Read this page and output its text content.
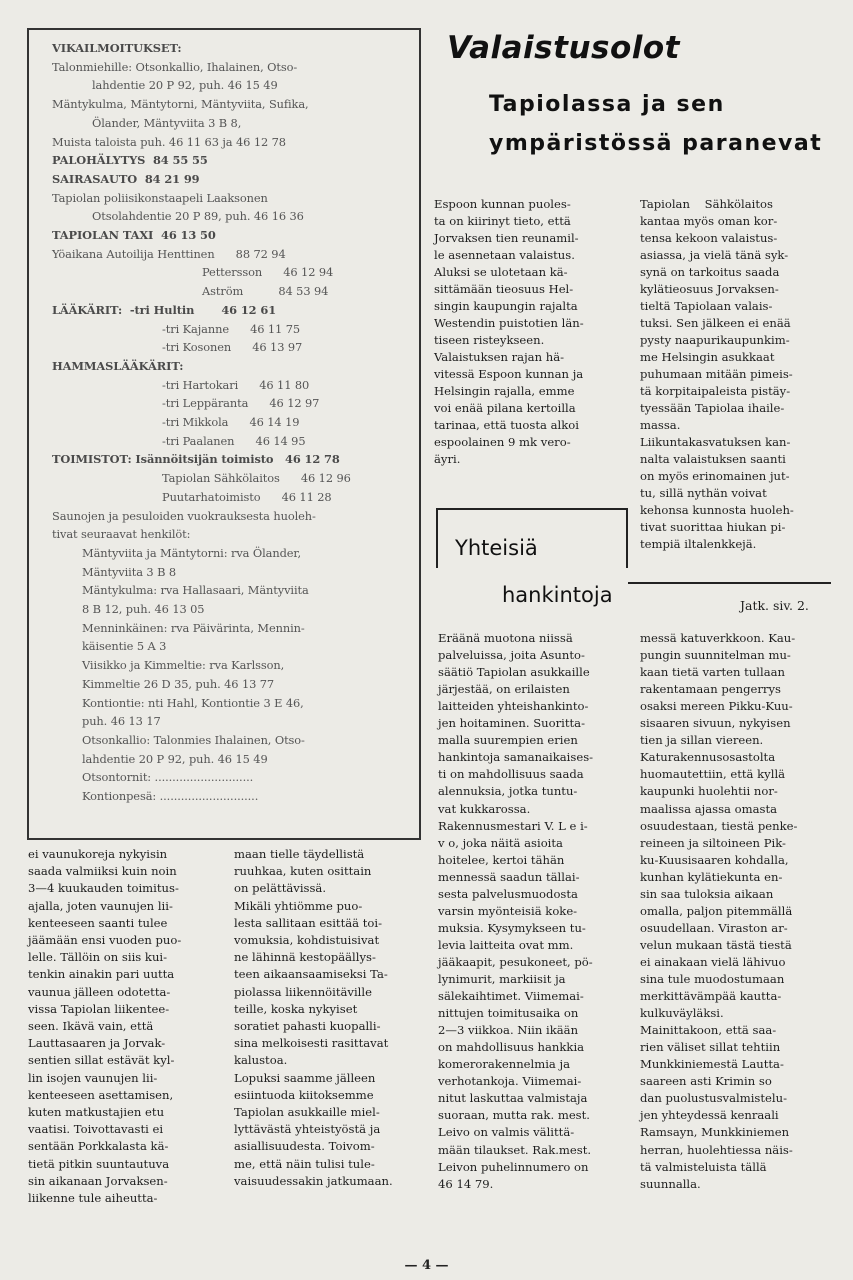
VIKAILMOITUKSET:
Talonmiehille: Otsonkallio, Ihalainen, Otso-
lahdentie 20 P 92, puh. 46 15 49
Mäntykulma, Mäntytorni, Mäntyviita, Sufika,
Ölander, Mäntyviita 3 B 8,
Muista taloista puh. 46 11 63 ja 46 12 78
PALOHÄLYTYS  84 55 55
SAIRASAUTO  84 21 99
Tapiolan poliisikonstaapeli Laaksonen
Otsolahdentie 20 P 89, puh. 46 16 36
TAPIOLAN TAXI  46 13 50
Yöaikana Autoilija Henttinen      88 72 94
Pettersson      46 12 94
Aström          84 53 94
LÄÄKÄRIT:  -tri Hultin       46 12 61
-tri Kajanne      46 11 75
-tri Kosonen      46 13 97
HAMMASLÄÄKÄRIT:
-tri Hartokari      46 11 80
-tri Leppäranta      46 12 97
-tri Mikkola      46 14 19
-tri Paalanen      46 14 95
TOIMISTOT: Isännöitsijän toimisto   46 12 78
Tapiolan Sähkölaitos      46 12 96
Puutarhatoimisto      46 11 28
Saunojen ja pesuloiden vuokrauksesta huoleh-
tivat seuraavat henkilöt:
Mäntyviita ja Mäntytorni: rva Ölander,
Mäntyviita 3 B 8
Mäntykulma: rva Hallasaari, Mäntyviita
8 B 12, puh. 46 13 05
Menninkäinen: rva Päivärinta, Mennin-
käisentie 5 A 3
Viisikko ja Kimmeltie: rva Karlsson,
Kimmeltie 26 D 35, puh. 46 13 77
Kontiontie: nti Hahl, Kontiontie 3 E 46,
puh. 46 13 17
Otsonkallio: Talonmies Ihalainen, Otso-
lahdentie 20 P 92, puh. 46 15 49
Otsontornit: ............................
Kontionpesä: ............................
Valaistusolot
Tapiolassa ja sen
ympäristössä paranevat
Espoon kunnan puoles-
ta on kiirinyt tieto, että
Jorvaksen tien reunamil-
le asennetaan valaistus.
Aluksi se ulotetaan kä-
sittämään tieosuus Hel-
singin kaupungin rajalta
Westendin puistotien län-
tiseen risteykseen.
Valaistuksen rajan hä-
vitessä Espoon kunnan ja
Helsingin rajalla, emme
voi enää pilana kertoilla
tarinaa, että tuosta alkoi
espoolainen 9 mk vero-
äyri.
Tapiolan    Sähkölaitos
kantaa myös oman kor-
tensa kekoon valaistus-
asiassa, ja vielä tänä syk-
synä on tarkoitus saada
kylätieosuus Jorvaksen-
tieltä Tapiolaan valais-
tuksi. Sen jälkeen ei enää
pysty naapurikaupunkim-
me Helsingin asukkaat
puhumaan mitään pimeis-
tä korpitaipaleista pistäy-
tyessään Tapiolaa ihaile-
massa.
Liikuntakasvatuksen kan-
nalta valaistuksen saanti
on myös erinomainen jut-
tu, sillä nythän voivat
kehonsa kunnosta huoleh-
tivat suorittaa hiukan pi-
tempiä iltalenkkejä.
Yhteisiä
hankintoja
Eräänä muotona niissä
palveluissa, joita Asunto-
säätiö Tapiolan asukkaille
järjestää, on erilaisten
laitteiden yhteishankinto-
jen hoitaminen. Suoritta-
malla suurempien erien
hankintoja samanaikaises-
ti on mahdollisuus saada
alennuksia, jotka tuntu-
vat kukkarossa.
Rakennusmestari V. L e i-
v o, joka näitä asioita
hoitelee, kertoi tähän
mennessä saadun tällai-
sesta palvelusmuodosta
varsin myönteisiä koke-
muksia. Kysymykseen tu-
levia laitteita ovat mm.
jääkaapit, pesukoneet, pö-
lynimurit, markiisit ja
sälekaihtimet. Viimemai-
nittujen toimitusaika on
2—3 viikkoa. Niin ikään
on mahdollisuus hankkia
komerorakennelmia ja
verhotankoja. Viimemai-
nitut laskuttaa valmistaja
suoraan, mutta rak. mest.
Leivo on valmis välittä-
mään tilaukset. Rak.mest.
Leivon puhelinnumero on
46 14 79.
Jatk. siv. 2.
messä katuverkkoon. Kau-
pungin suunnitelman mu-
kaan tietä varten tullaan
rakentamaan pengerrys
osaksi mereen Pikku-Kuu-
sisaaren sivuun, nykyisen
tien ja sillan viereen.
Katurakennusosastolta
huomautettiin, että kyllä
kaupunki huolehtii nor-
maalissa ajassa omasta
osuudestaan, tiestä penke-
reineen ja siltoineen Pik-
ku-Kuusisaaren kohdalla,
kunhan kylätiekunta en-
sin saa tuloksia aikaan
omalla, paljon pitemmällä
osuudellaan. Viraston ar-
velun mukaan tästä tiestä
ei ainakaan vielä lähivuo
sina tule muodostumaan
merkittävämpää kautta-
kulkuväyläksi.
Mainittakoon, että saa-
rien väliset sillat tehtiin
Munkkiniemestä Lautta-
saareen asti Krimin so
dan puolustusvalmistelu-
jen yhteydessä kenraali
Ramsayn, Munkkiniemen
herran, huolehtiessa näis-
tä valmisteluista tällä
suunnalla.
ei vaunukoreja nykyisin
saada valmiiksi kuin noin
3—4 kuukauden toimitus-
ajalla, joten vaunujen lii-
kenteeseen saanti tulee
jäämään ensi vuoden puo-
lelle. Tällöin on siis kui-
tenkin ainakin pari uutta
vaunua jälleen odotetta-
vissa Tapiolan liikentee-
seen. Ikävä vain, että
Lauttasaaren ja Jorvak-
sentien sillat estävät kyl-
lin isojen vaunujen lii-
kenteeseen asettamisen,
kuten matkustajien etu
vaatisi. Toivottavasti ei
sentään Porkkalasta kä-
tietä pitkin suuntautuva
sin aikanaan Jorvaksen-
liikenne tule aiheutta-
maan tielle täydellistä
ruuhkaa, kuten osittain
on pelättävissä.
Mikäli yhtiömme puo-
lesta sallitaan esittää toi-
vomuksia, kohdistuisivat
ne lähinnä kestopäällys-
teen aikaansaamiseksi Ta-
piolassa liikennöitäville
teille, koska nykyiset
soratiet pahasti kuopalli-
sina melkoisesti rasittavat
kalustoa.
Lopuksi saamme jälleen
esiintuoda kiitoksemme
Tapiolan asukkaille miel-
lyttävästä yhteistyöstä ja
asiallisuudesta. Toivom-
me, että näin tulisi tule-
vaisuudessakin jatkumaan.
— 4 —
